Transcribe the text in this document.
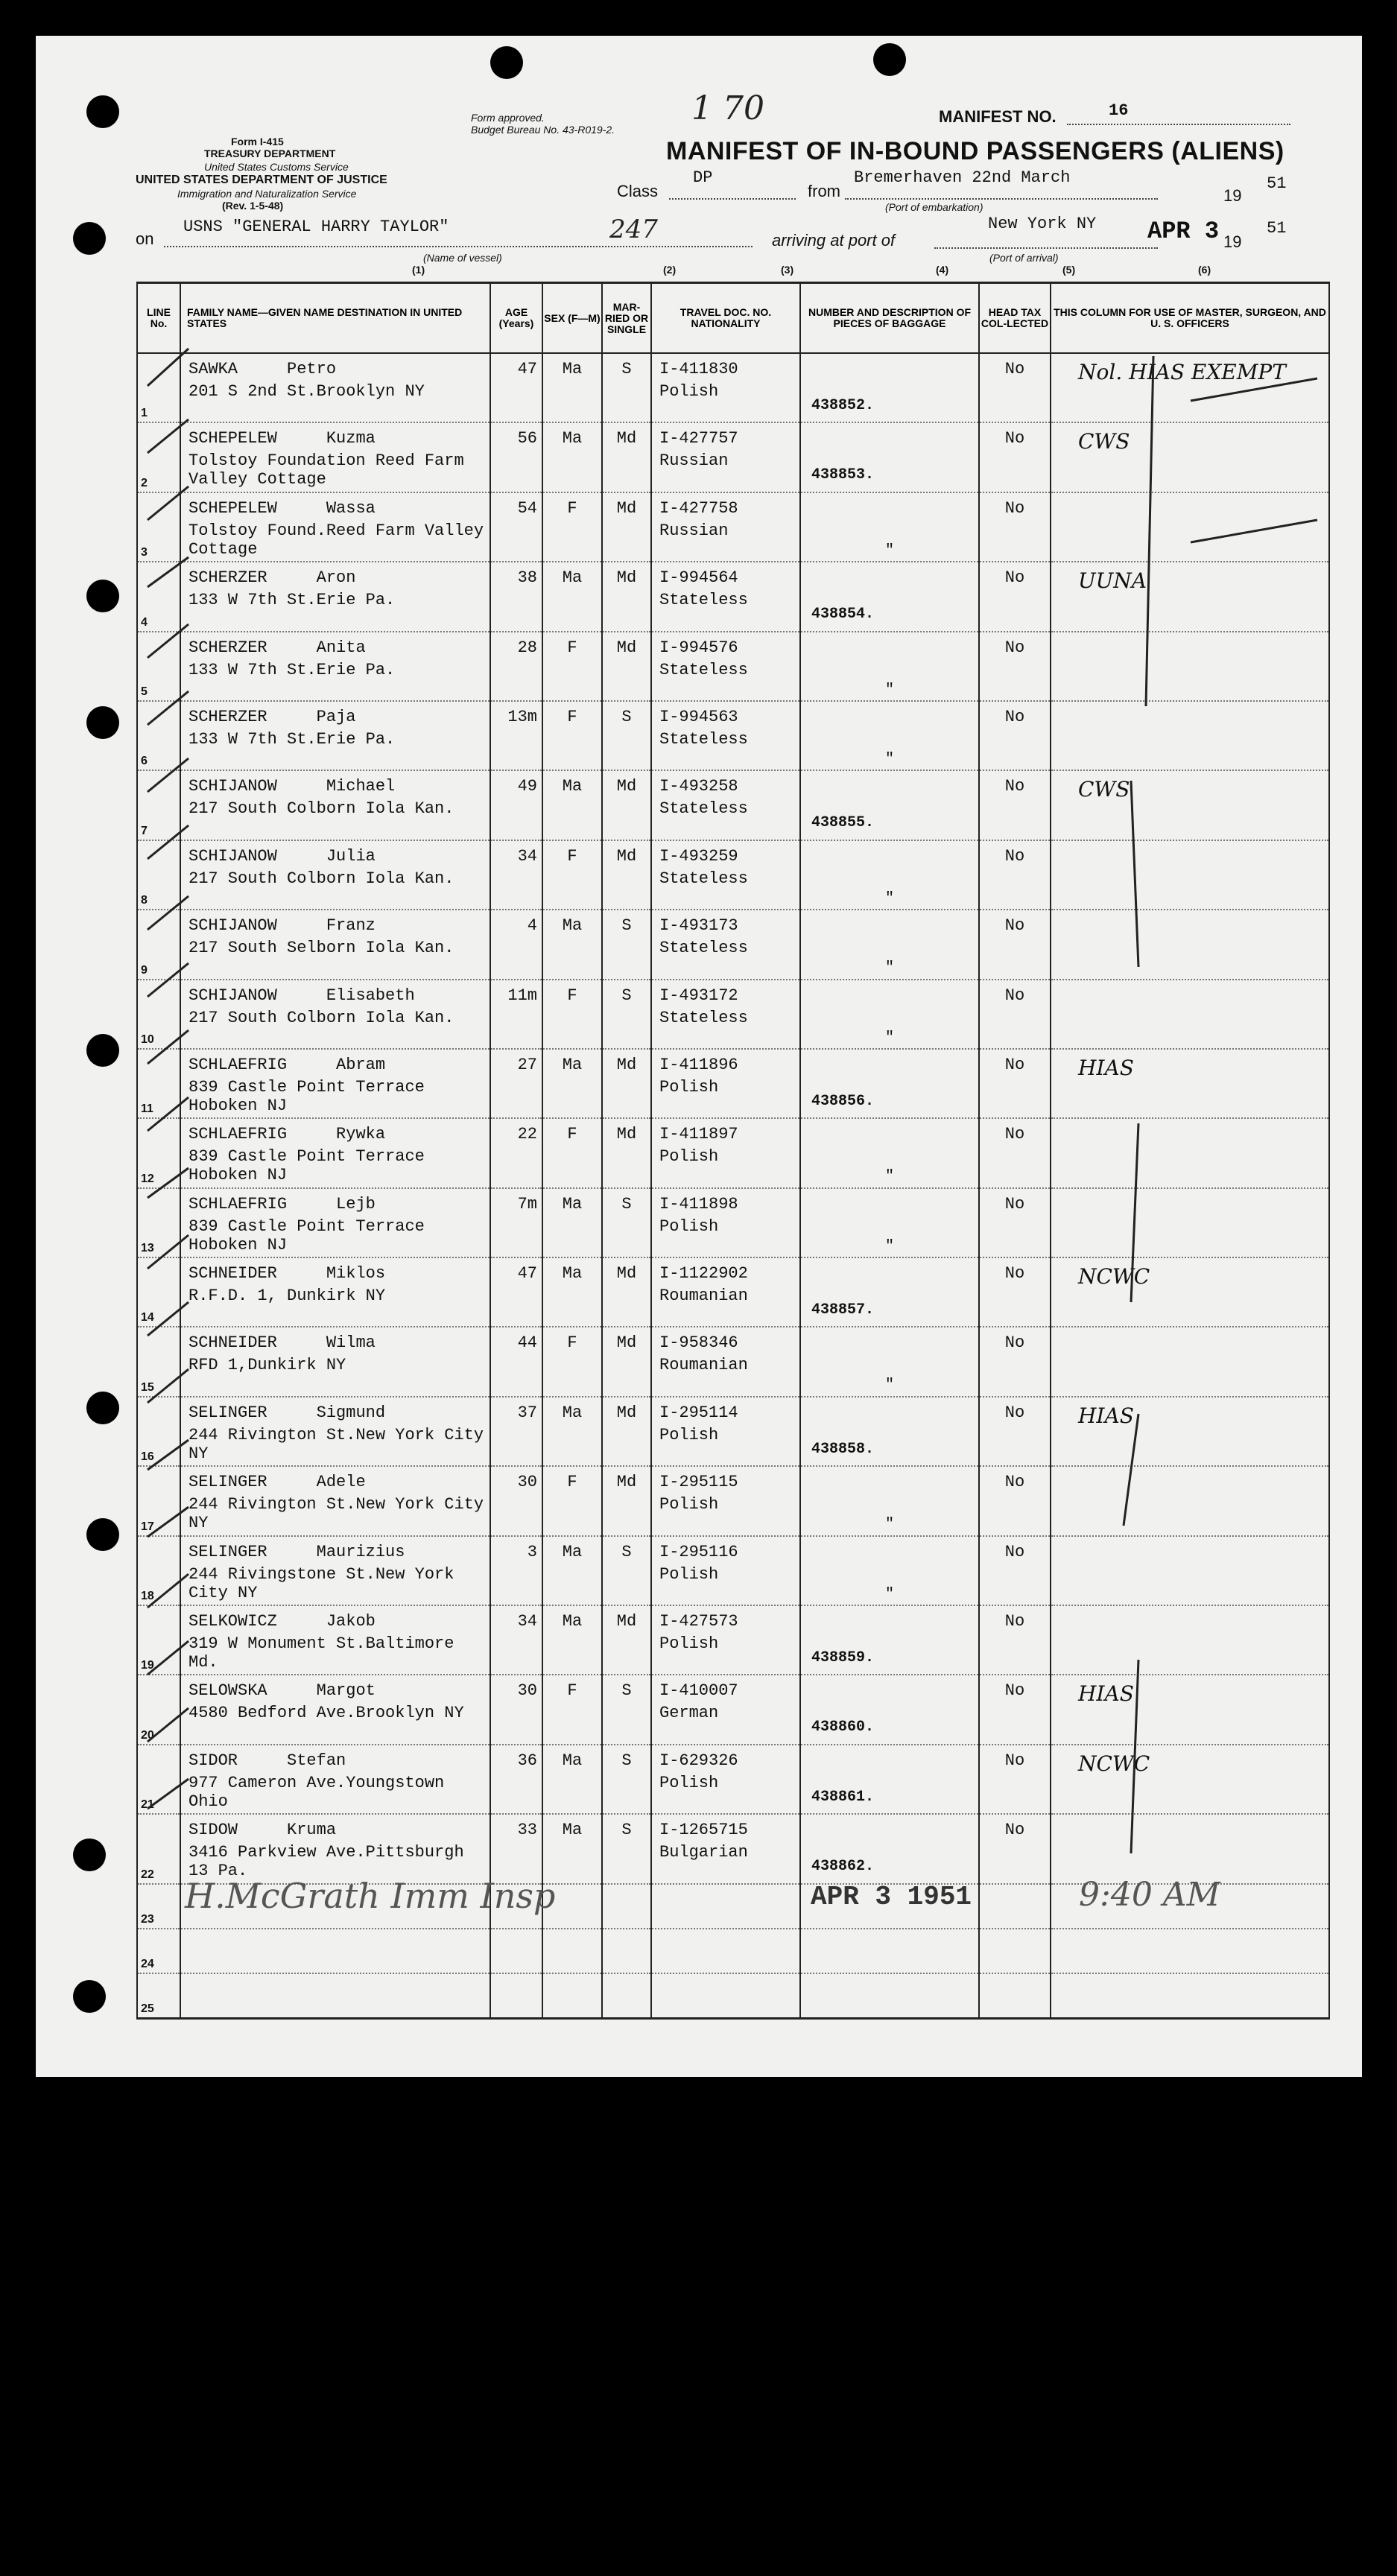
Form I-415
TREASURY DEPARTMENT
United States Customs Service
UNITED STATES DEPARTMENT OF JUSTICE
Immigration and Naturalization Service
(Rev. 1-5-48)
Form approved.
Budget Bureau No. 43-R019-2.
1 70	MANIFEST NO.	16
MANIFEST OF IN-BOUND PASSENGERS (ALIENS)
Class
DP
from
Bremerhaven 22nd March
(Port of embarkation)
19
51
on
USNS "GENERAL HARRY TAYLOR"	247
(Name of vessel)
arriving at port of
New York NY
(Port of arrival)
APR 3 19
51
(1)	(2)	(3)	(4)	(5)	(6)
LINE No.	FAMILY NAME—GIVEN NAME DESTINATION IN UNITED STATES	AGE (Years)	SEX (F—M)	MAR-RIED OR SINGLE	TRAVEL DOC. NO. NATIONALITY	NUMBER AND DESCRIPTION OF PIECES OF BAGGAGE	HEAD TAX COL-LECTED	THIS COLUMN FOR USE OF MASTER, SURGEON, AND U. S. OFFICERS

1	SAWKA Petro
201 S 2nd St.Brooklyn NY	47	Ma	S	I-411830
Polish	438852.	No	Nol. HIAS EXEMPT

2	SCHEPELEW Kuzma
Tolstoy Foundation Reed Farm Valley Cottage	56	Ma	Md	I-427757
Russian	438853.	No	CWS

3	SCHEPELEW Wassa
Tolstoy Found.Reed Farm Valley Cottage	54	F	Md	I-427758
Russian	"	No	

4	SCHERZER Aron
133 W 7th St.Erie Pa.	38	Ma	Md	I-994564
Stateless	438854.	No	UUNA

5	SCHERZER Anita
133 W 7th St.Erie Pa.	28	F	Md	I-994576
Stateless	"	No	

6	SCHERZER Paja
133 W 7th St.Erie Pa.	13m	F	S	I-994563
Stateless	"	No	

7	SCHIJANOW Michael
217 South Colborn Iola Kan.	49	Ma	Md	I-493258
Stateless	438855.	No	CWS

8	SCHIJANOW Julia
217 South Colborn Iola Kan.	34	F	Md	I-493259
Stateless	"	No	

9	SCHIJANOW Franz
217 South Selborn Iola Kan.	4	Ma	S	I-493173
Stateless	"	No	

10	SCHIJANOW Elisabeth
217 South Colborn Iola Kan.	11m	F	S	I-493172
Stateless	"	No	

11	SCHLAEFRIG Abram
839 Castle Point Terrace Hoboken NJ	27	Ma	Md	I-411896
Polish	438856.	No	HIAS

12	SCHLAEFRIG Rywka
839 Castle Point Terrace Hoboken NJ	22	F	Md	I-411897
Polish	"	No	

13	SCHLAEFRIG Lejb
839 Castle Point Terrace Hoboken NJ	7m	Ma	S	I-411898
Polish	"	No	

14	SCHNEIDER Miklos
R.F.D. 1, Dunkirk NY	47	Ma	Md	I-1122902
Roumanian	438857.	No	NCWC

15	SCHNEIDER Wilma
RFD 1,Dunkirk NY	44	F	Md	I-958346
Roumanian	"	No	

16	SELINGER Sigmund
244 Rivington St.New York City NY	37	Ma	Md	I-295114
Polish	438858.	No	HIAS

17	SELINGER Adele
244 Rivington St.New York City NY	30	F	Md	I-295115
Polish	"	No	

18	SELINGER Maurizius
244 Rivingstone St.New York City NY	3	Ma	S	I-295116
Polish	"	No	

19	SELKOWICZ Jakob
319 W Monument St.Baltimore Md.	34	Ma	Md	I-427573
Polish	438859.	No	

20	SELOWSKA Margot
4580 Bedford Ave.Brooklyn NY	30	F	S	I-410007
German	438860.	No	HIAS

21	SIDOR Stefan
977 Cameron Ave.Youngstown Ohio	36	Ma	S	I-629326
Polish	438861.	No	NCWC

22	SIDOW Kruma
3416 Parkview Ave.Pittsburgh 13 Pa.	33	Ma	S	I-1265715
Bulgarian	438862.	No	

23								

24								

25								

H.McGrath Imm Insp	APR 3 1951	9:40 AM
